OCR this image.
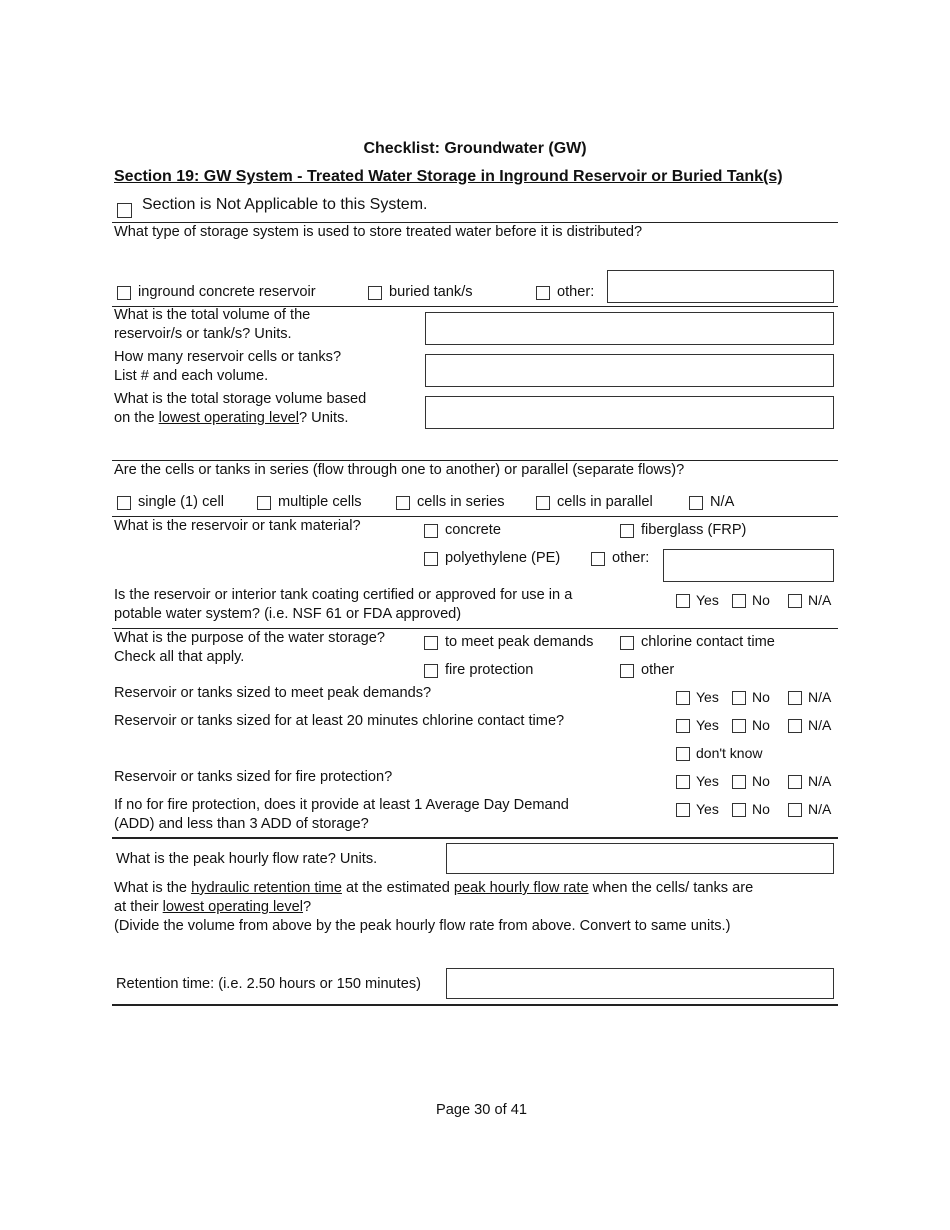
Checklist: Groundwater (GW)
Section 19: GW System - Treated Water Storage in Inground Reservoir or Buried Tank(s)
Section is Not Applicable to this System.
What type of storage system is used to store treated water before it is distributed?
inground concrete reservoir	buried tank/s	other:
What is the total volume of the
reservoir/s or tank/s? Units.
How many reservoir cells or tanks?
List # and each volume.
What is the total storage volume based
on the lowest operating level? Units.
Are the cells or tanks in series (flow through one to another) or parallel (separate flows)?
single (1) cell	multiple cells	cells in series	cells in parallel	N/A
What is the reservoir or tank material?	concrete	fiberglass (FRP)
polyethylene (PE)	other:
Is the reservoir or interior tank coating certified or approved for use in a
potable water system? (i.e. NSF 61 or FDA approved)
Yes No	N/A
What is the purpose of the water storage?
Check all that apply.
to meet peak demands	chlorine contact time
fire protection	other
Reservoir or tanks sized to meet peak demands?	Yes No	N/A
Reservoir or tanks sized for at least 20 minutes chlorine contact time?	Yes No	N/A
don't know
Reservoir or tanks sized for fire protection?	Yes No	N/A
If no for fire protection, does it provide at least 1 Average Day Demand
(ADD) and less than 3 ADD of storage?
Yes No	N/A
What is the peak hourly flow rate? Units.
What is the hydraulic retention time at the estimated peak hourly flow rate when the cells/ tanks are
at their lowest operating level?
(Divide the volume from above by the peak hourly flow rate from above. Convert to same units.)
Retention time: (i.e. 2.50 hours or 150 minutes)
Page 30 of 41
